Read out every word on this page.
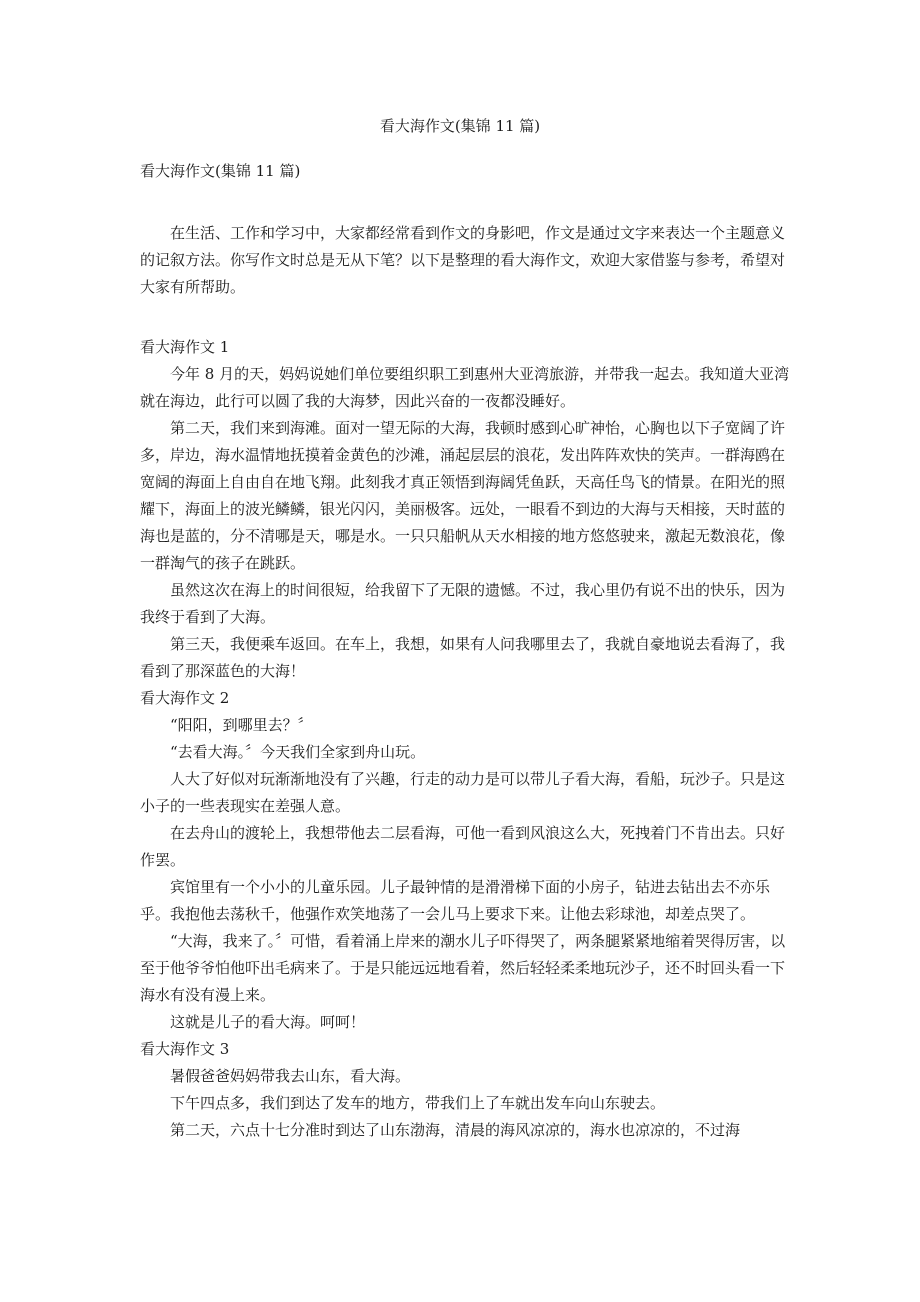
看大海作文(集锦 11 篇)
看大海作文(集锦 11 篇)

在生活、工作和学习中，大家都经常看到作文的身影吧，作文是通过文字来表达一个主题意义的记叙方法。你写作文时总是无从下笔？以下是整理的看大海作文，欢迎大家借鉴与参考，希望对大家有所帮助。

看大海作文 1

今年 8 月的天，妈妈说她们单位要组织职工到惠州大亚湾旅游，并带我一起去。我知道大亚湾就在海边，此行可以圆了我的大海梦，因此兴奋的一夜都没睡好。

第二天，我们来到海滩。面对一望无际的大海，我顿时感到心旷神怡，心胸也以下子宽阔了许多，岸边，海水温情地抚摸着金黄色的沙滩，涌起层层的浪花，发出阵阵欢快的笑声。一群海鸥在宽阔的海面上自由自在地飞翔。此刻我才真正领悟到海阔凭鱼跃，天高任鸟飞的情景。在阳光的照耀下，海面上的波光鳞鳞，银光闪闪，美丽极客。远处，一眼看不到边的大海与天相接，天时蓝的海也是蓝的，分不清哪是天，哪是水。一只只船帆从天水相接的地方悠悠驶来，激起无数浪花，像一群淘气的孩子在跳跃。

虽然这次在海上的时间很短，给我留下了无限的遗憾。不过，我心里仍有说不出的快乐，因为我终于看到了大海。

第三天，我便乘车返回。在车上，我想，如果有人问我哪里去了，我就自豪地说去看海了，我看到了那深蓝色的大海！

看大海作文 2

“阳阳，到哪里去？〞

“去看大海。〞今天我们全家到舟山玩。

人大了好似对玩渐渐地没有了兴趣，行走的动力是可以带儿子看大海，看船，玩沙子。只是这小子的一些表现实在差强人意。

在去舟山的渡轮上，我想带他去二层看海，可他一看到风浪这么大，死拽着门不肯出去。只好作罢。

宾馆里有一个小小的儿童乐园。儿子最钟情的是滑滑梯下面的小房子，钻进去钻出去不亦乐乎。我抱他去荡秋千，他强作欢笑地荡了一会儿马上要求下来。让他去彩球池，却差点哭了。

“大海，我来了。〞可惜，看着涌上岸来的潮水儿子吓得哭了，两条腿紧紧地缩着哭得厉害，以至于他爷爷怕他吓出毛病来了。于是只能远远地看着，然后轻轻柔柔地玩沙子，还不时回头看一下海水有没有漫上来。

这就是儿子的看大海。呵呵！

看大海作文 3

暑假爸爸妈妈带我去山东，看大海。

下午四点多，我们到达了发车的地方，带我们上了车就出发车向山东驶去。

第二天，六点十七分准时到达了山东渤海，清晨的海风凉凉的，海水也凉凉的，不过海
